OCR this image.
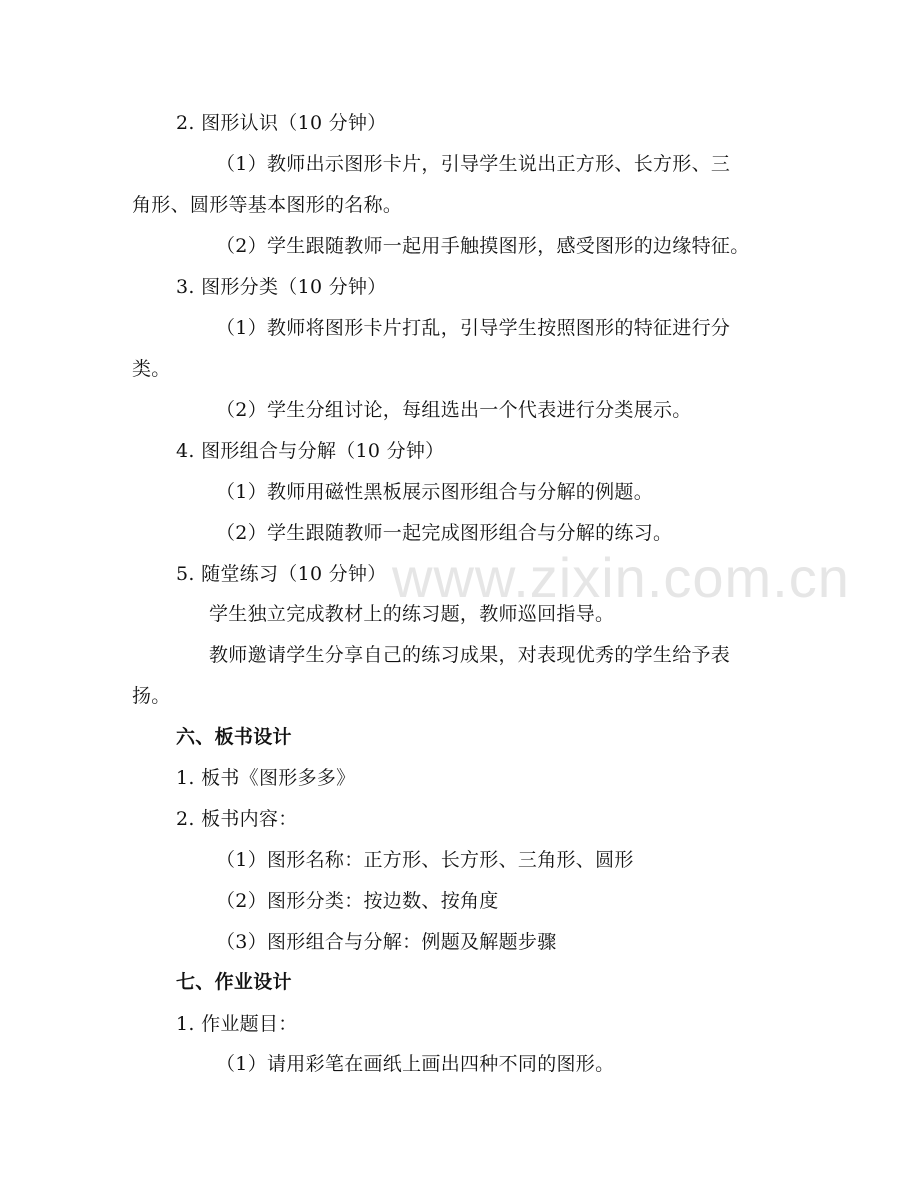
www.zixin.com.cn
2. 图形认识（10 分钟）
（1）教师出示图形卡片，引导学生说出正方形、长方形、三
角形、圆形等基本图形的名称。
（2）学生跟随教师一起用手触摸图形，感受图形的边缘特征。
3. 图形分类（10 分钟）
（1）教师将图形卡片打乱，引导学生按照图形的特征进行分
类。
（2）学生分组讨论，每组选出一个代表进行分类展示。
4. 图形组合与分解（10 分钟）
（1）教师用磁性黑板展示图形组合与分解的例题。
（2）学生跟随教师一起完成图形组合与分解的练习。
5. 随堂练习（10 分钟）
学生独立完成教材上的练习题，教师巡回指导。
教师邀请学生分享自己的练习成果，对表现优秀的学生给予表
扬。
六、板书设计
1. 板书《图形多多》
2. 板书内容：
（1）图形名称：正方形、长方形、三角形、圆形
（2）图形分类：按边数、按角度
（3）图形组合与分解：例题及解题步骤
七、作业设计
1. 作业题目：
（1）请用彩笔在画纸上画出四种不同的图形。
